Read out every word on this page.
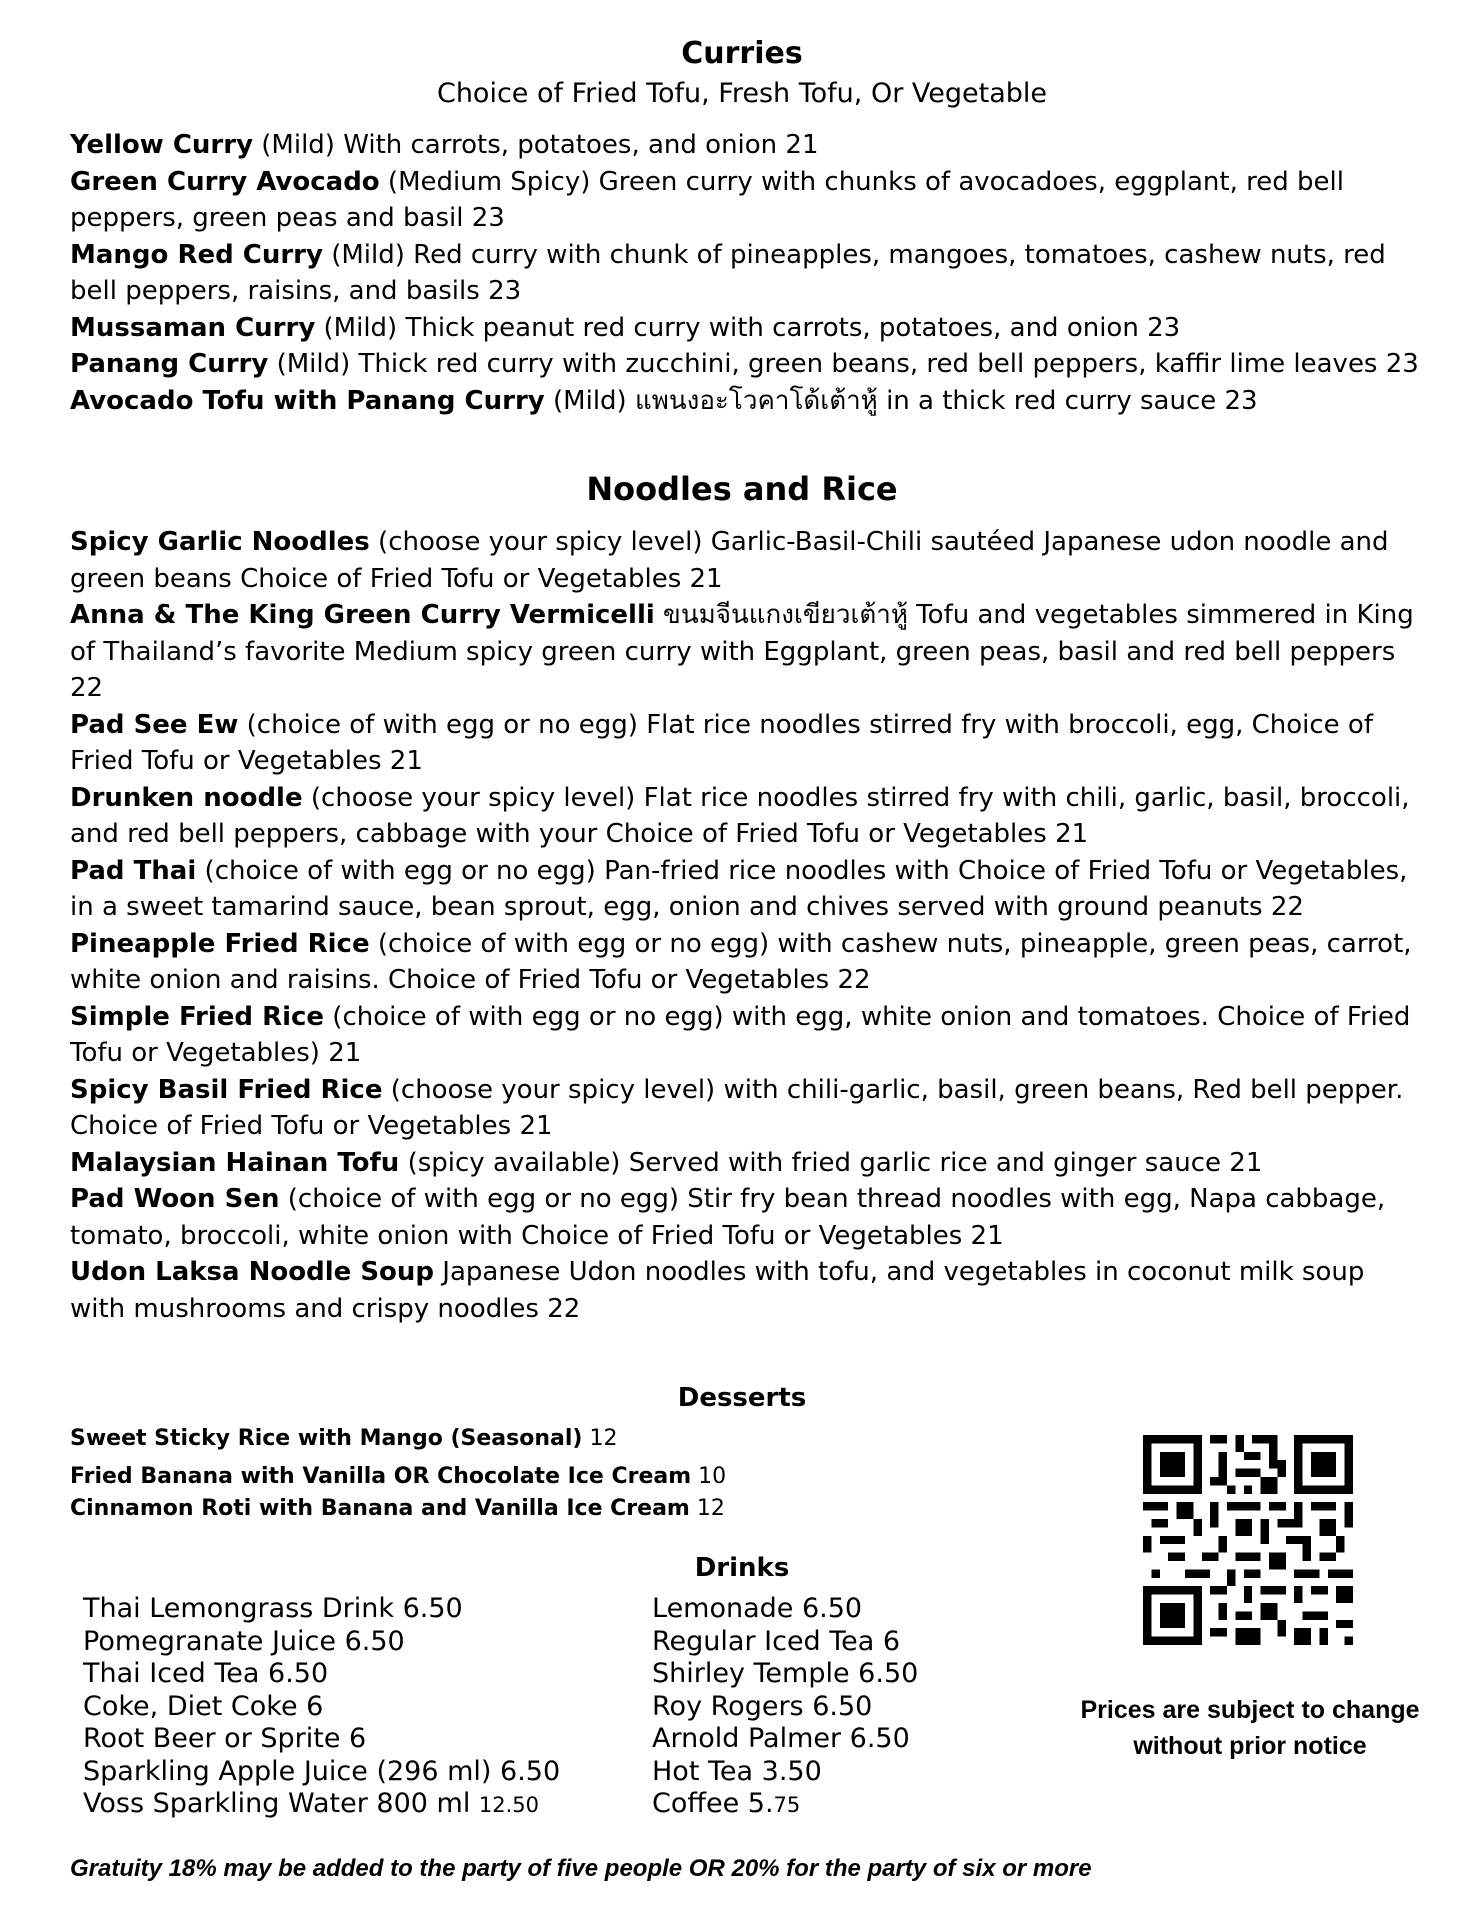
Curries
Choice of Fried Tofu, Fresh Tofu, Or Vegetable
Yellow Curry (Mild) With carrots, potatoes, and onion 21
Green Curry Avocado (Medium Spicy) Green curry with chunks of avocadoes, eggplant, red bell peppers, green peas and basil 23
Mango Red Curry (Mild) Red curry with chunk of pineapples, mangoes, tomatoes, cashew nuts, red bell peppers, raisins, and basils 23
Mussaman Curry (Mild) Thick peanut red curry with carrots, potatoes, and onion 23
Panang Curry (Mild) Thick red curry with zucchini, green beans, red bell peppers, kaffir lime leaves 23
Avocado Tofu with Panang Curry (Mild) แพนงอะโวคาโด้เต้าหู้ in a thick red curry sauce 23
Noodles and Rice
Spicy Garlic Noodles (choose your spicy level) Garlic-Basil-Chili sautéed Japanese udon noodle and green beans Choice of Fried Tofu or Vegetables 21
Anna & The King Green Curry Vermicelli ขนมจีนแกงเขียวเต้าหู้ Tofu and vegetables simmered in King of Thailand’s favorite Medium spicy green curry with Eggplant, green peas, basil and red bell peppers 22
Pad See Ew (choice of with egg or no egg) Flat rice noodles stirred fry with broccoli, egg, Choice of Fried Tofu or Vegetables 21
Drunken noodle (choose your spicy level) Flat rice noodles stirred fry with chili, garlic, basil, broccoli, and red bell peppers, cabbage with your Choice of Fried Tofu or Vegetables 21
Pad Thai (choice of with egg or no egg) Pan-fried rice noodles with Choice of Fried Tofu or Vegetables, in a sweet tamarind sauce, bean sprout, egg, onion and chives served with ground peanuts 22
Pineapple Fried Rice (choice of with egg or no egg) with cashew nuts, pineapple, green peas, carrot, white onion and raisins. Choice of Fried Tofu or Vegetables 22
Simple Fried Rice (choice of with egg or no egg) with egg, white onion and tomatoes. Choice of Fried Tofu or Vegetables) 21
Spicy Basil Fried Rice (choose your spicy level) with chili-garlic, basil, green beans, Red bell pepper. Choice of Fried Tofu or Vegetables 21
Malaysian Hainan Tofu (spicy available) Served with fried garlic rice and ginger sauce 21
Pad Woon Sen (choice of with egg or no egg) Stir fry bean thread noodles with egg, Napa cabbage, tomato, broccoli, white onion with Choice of Fried Tofu or Vegetables 21
Udon Laksa Noodle Soup Japanese Udon noodles with tofu, and vegetables in coconut milk soup with mushrooms and crispy noodles 22
Desserts
Sweet Sticky Rice with Mango (Seasonal) 12
Fried Banana with Vanilla OR Chocolate Ice Cream 10
Cinnamon Roti with Banana and Vanilla Ice Cream 12
Drinks
Thai Lemongrass Drink 6.50
Pomegranate Juice 6.50
Thai Iced Tea 6.50
Coke, Diet Coke 6
Root Beer or Sprite 6
Sparkling Apple Juice (296 ml) 6.50
Voss Sparkling Water 800 ml 12.50
Lemonade 6.50
Regular Iced Tea 6
Shirley Temple 6.50
Roy Rogers 6.50
Arnold Palmer 6.50
Hot Tea 3.50
Coffee 5.75
Prices are subject to change
without prior notice
Gratuity 18% may be added to the party of five people OR 20% for the party of six or more
